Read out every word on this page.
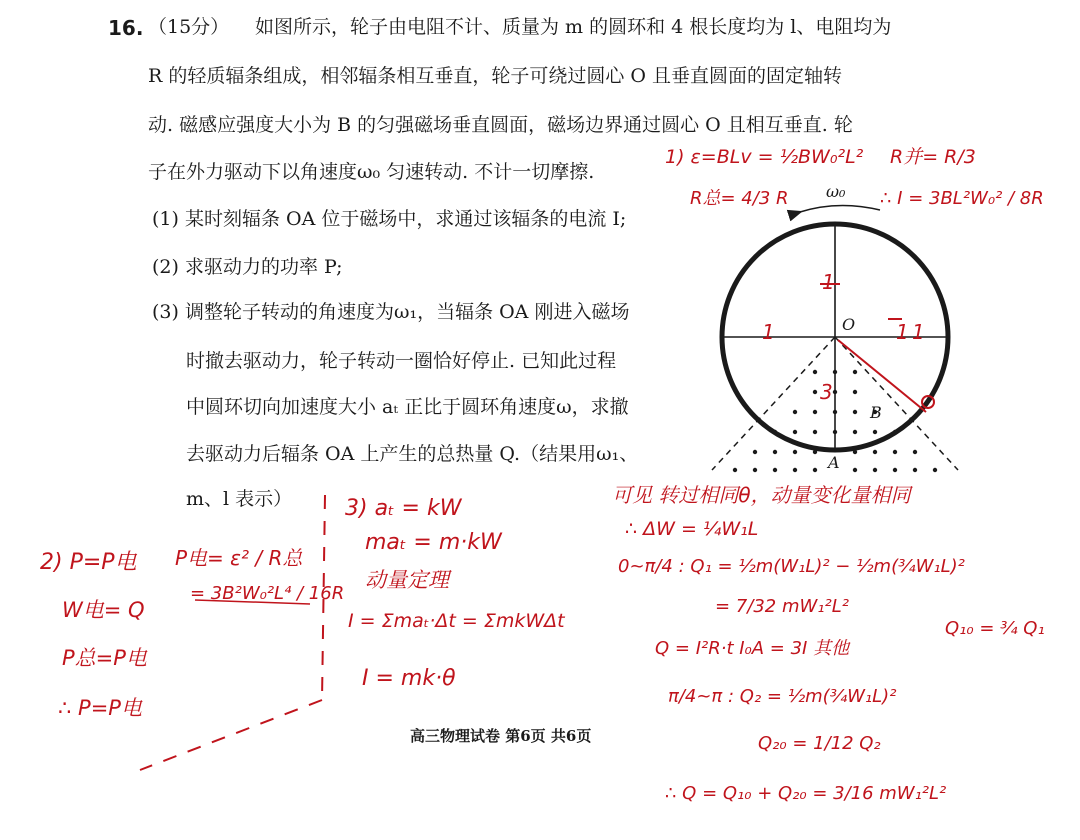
16. （15分） 如图所示，轮子由电阻不计、质量为 m 的圆环和 4 根长度均为 l、电阻均为
R 的轻质辐条组成，相邻辐条相互垂直，轮子可绕过圆心 O 且垂直圆面的固定轴转
动. 磁感应强度大小为 B 的匀强磁场垂直圆面，磁场边界通过圆心 O 且相互垂直. 轮
子在外力驱动下以角速度ω₀ 匀速转动. 不计一切摩擦.
(1) 某时刻辐条 OA 位于磁场中，求通过该辐条的电流 I;
(2) 求驱动力的功率 P;
(3) 调整轮子转动的角速度为ω₁，当辐条 OA 刚进入磁场
时撤去驱动力，轮子转动一圈恰好停止. 已知此过程
中圆环切向加速度大小 aₜ 正比于圆环角速度ω，求撤
去驱动力后辐条 OA 上产生的总热量 Q.（结果用ω₁、
m、l 表示）
高三物理试卷 第6页 共6页
ω₀
O
B
A
1
1	1 1
3
1) ε=BLv = ½BW₀²L² R并= R/3
R总= 4/3 R	∴ I = 3BL²W₀² / 8R
2) P=P电
W电= Q
P总=P电
∴ P=P电
P电= ε² / R总
= 3B²W₀²L⁴ / 16R
3) aₜ = kW
maₜ = m·kW
动量定理
I = Σmaₜ·Δt = ΣmkWΔt
I = mk·θ
可见 转过相同θ，动量变化量相同
∴ ΔW = ¼W₁L
0~π/4 : Q₁ = ½m(W₁L)² − ½m(¾W₁L)²
= 7/32 mW₁²L²
Q = I²R·t I₀A = 3I 其他
Q₁₀ = ¾ Q₁
π/4~π : Q₂ = ½m(¾W₁L)²
Q₂₀ = 1/12 Q₂
∴ Q = Q₁₀ + Q₂₀ = 3/16 mW₁²L²
